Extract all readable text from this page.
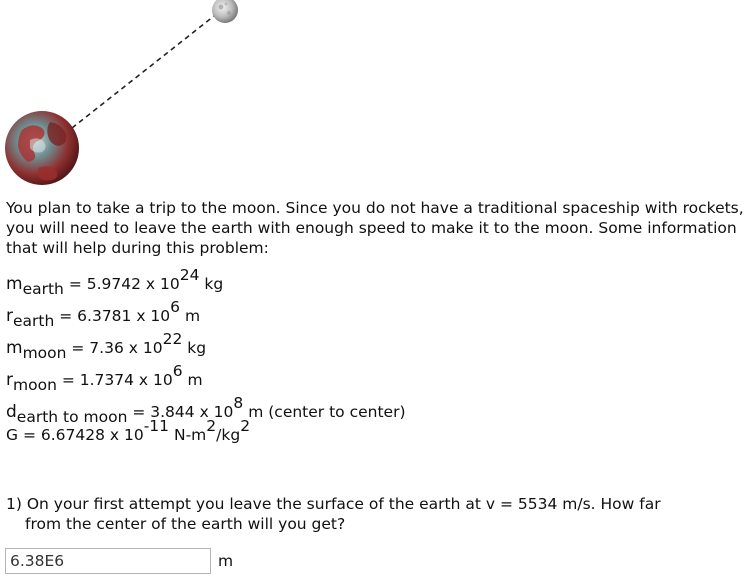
You plan to take a trip to the moon. Since you do not have a traditional spaceship with rockets, you will need to leave the earth with enough speed to make it to the moon. Some information that will help during this problem:

mearth = 5.9742 x 1024 kg
rearth = 6.3781 x 106 m
mmoon = 7.36 x 1022 kg
rmoon = 1.7374 x 106 m
dearth to moon = 3.844 x 108 m (center to center)
G = 6.67428 x 10-11 N-m2/kg2
1) On your first attempt you leave the surface of the earth at v = 5534 m/s. How far
from the center of the earth will you get?
6.38E6
m
